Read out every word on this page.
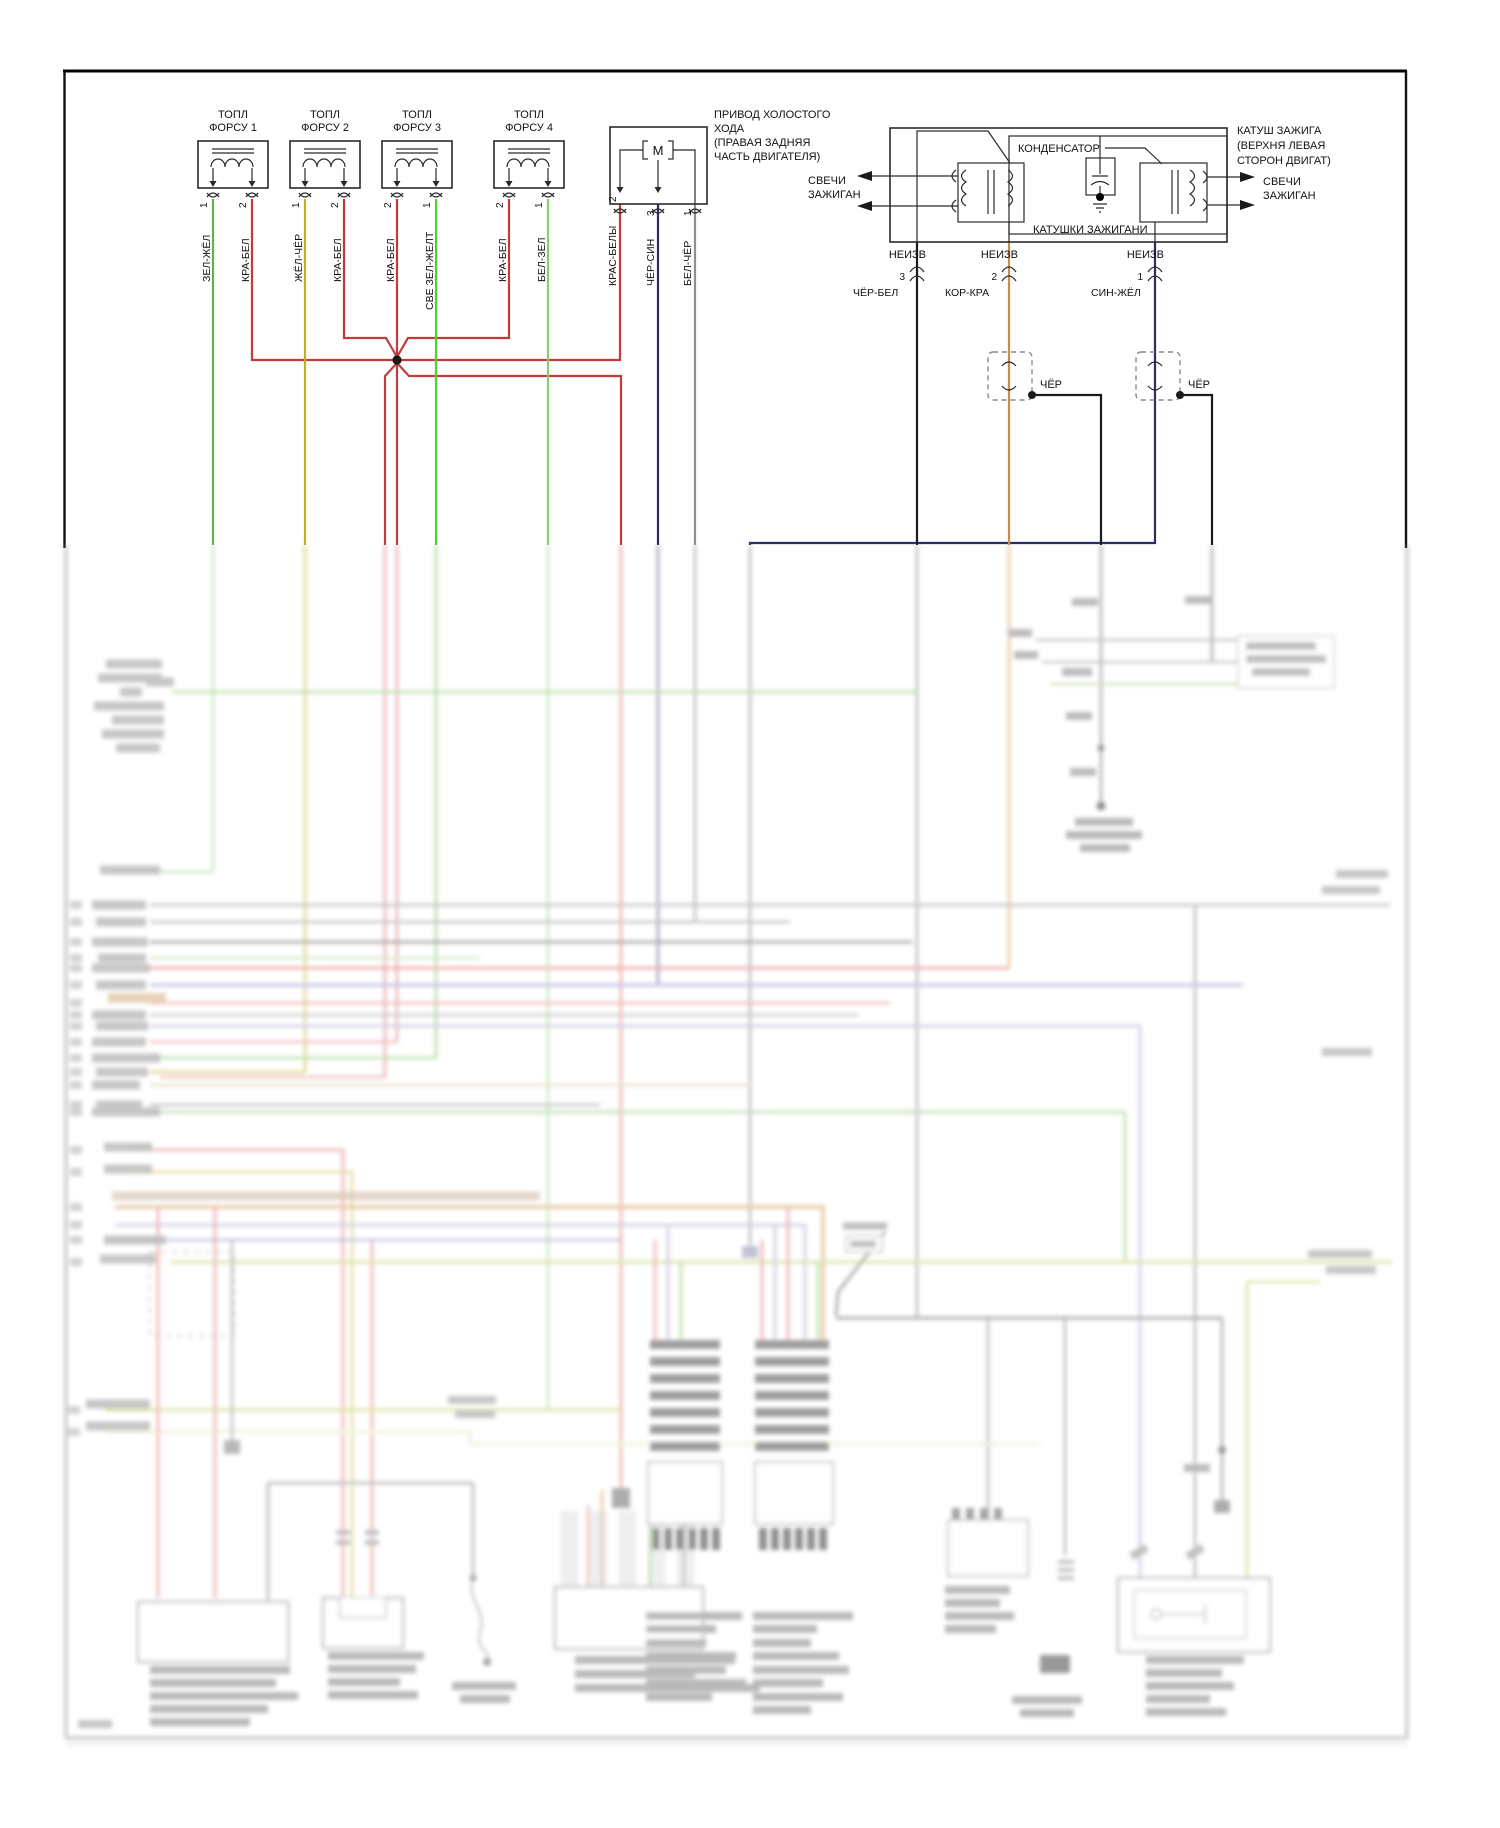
ТОПЛ
ФОРСУ 1
1	2
ЗЕЛ-ЖЁЛ	КРА-БЕЛ
ТОПЛ
ФОРСУ 2
1	2
ЖЁЛ-ЧЁР	КРА-БЕЛ
ТОПЛ
ФОРСУ 3
2	1
КРА-БЕЛ	СВЕ ЗЕЛ-ЖЕЛТ
ТОПЛ
ФОРСУ 4
2	1
КРА-БЕЛ	БЕЛ-ЗЕЛ
M
ПРИВОД ХОЛОСТОГО
ХОДА
(ПРАВАЯ ЗАДНЯЯ
ЧАСТЬ ДВИГАТЕЛЯ)
2
3	1
КРАС-БЕЛЫ ЧЁР-СИН БЕЛ-ЧЁР
КОНДЕНСАТОР
СВЕЧИ
ЗАЖИГАН
КАТУШКИ ЗАЖИГАНИ
КАТУШ ЗАЖИГА
(ВЕРХНЯ ЛЕВАЯ
СТОРОН ДВИГАТ)
СВЕЧИ
ЗАЖИГАН
НЕИЗВ
3
ЧЁР-БЕЛ
НЕИЗВ
2
КОР-КРА
НЕИЗВ
1
СИН-ЖЁЛ
ЧЁР	ЧЁР
